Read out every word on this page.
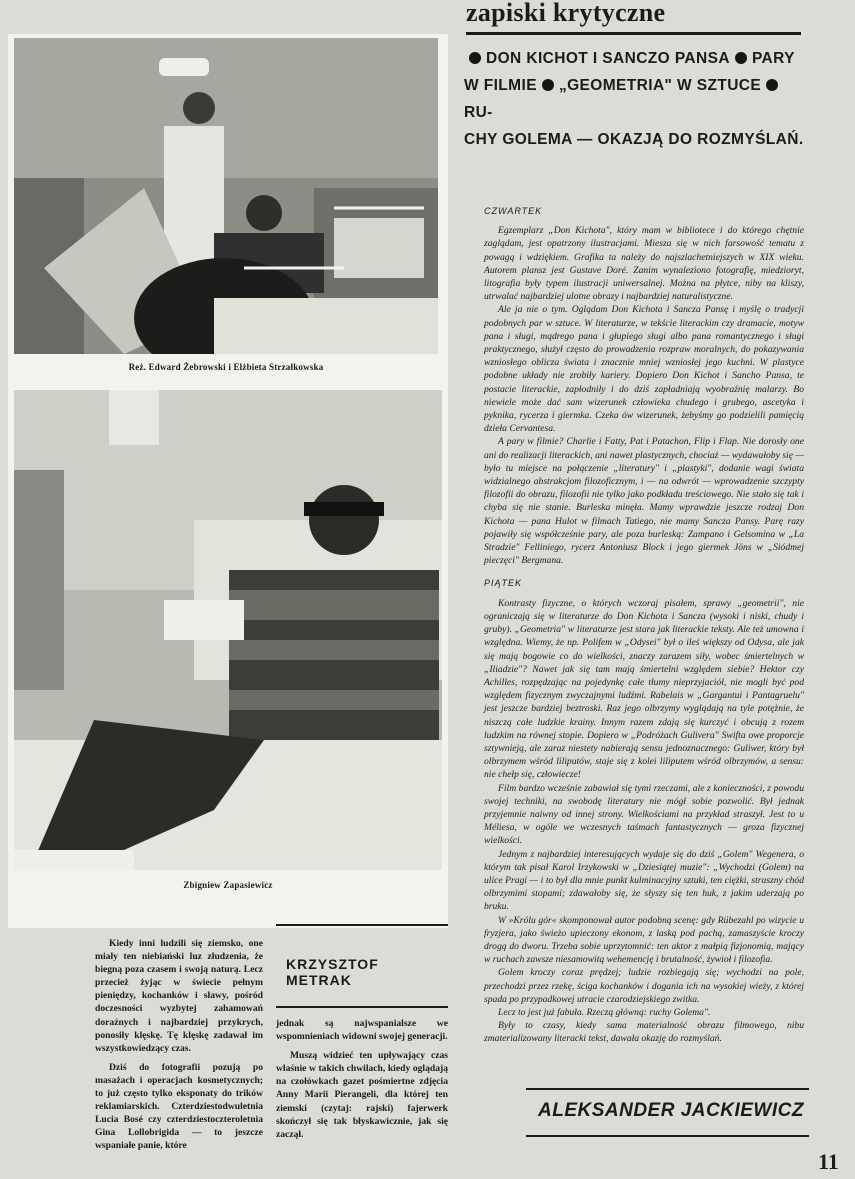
Reż. Edward Żebrowski i Elżbieta Strzałkowska
Zbigniew Zapasiewicz
zapiski krytyczne
DON KICHOT I SANCZO PANSA PARY
W FILMIE „GEOMETRIA" W SZTUCERU-
CHY GOLEMA — OKAZJĄ DO ROZMYŚLAŃ.
CZWARTEK

Egzemplarz „Don Kichota", który mam w bibliotece i do którego chętnie zaglądam, jest opatrzony ilustracjami. Miesza się w nich farsowość tematu z powagą i wdziękiem. Grafika ta należy do najszlachetniejszych w XIX wieku. Autorem plansz jest Gustave Doré. Zanim wynaleziono fotografię, miedzioryt, litografia były typem ilustracji uniwersalnej. Można na płytce, niby na kliszy, utrwalać najbardziej ulotne obrazy i najbardziej naturalistyczne.

Ale ja nie o tym. Oglądam Don Kichota i Sancza Pansę i myślę o tradycji podobnych par w sztuce. W literaturze, w tekście literackim czy dramacie, motyw pana i sługi, mądrego pana i głupiego sługi albo pana romantycznego i sługi praktycznego, służył często do prowadzenia rozpraw moralnych, do pokazywania wzniosłego oblicza świata i znacznie mniej wzniosłej jego kuchni. W plastyce podobne układy nie zrobiły kariery. Dopiero Don Kichot i Sancho Pansa, te postacie literackie, zapłodniły i do dziś zapładniają wyobraźnię malarzy. Bo niewiele może dać sam wizerunek człowieka chudego i grubego, ascetyka i pyknika, rycerza i giermka. Czeka ów wizerunek, żebyśmy go podzielili pamięcią dzieła Cervantesa.

A pary w filmie? Charlie i Fatty, Pat i Patachon, Flip i Flap. Nie dorosły one ani do realizacji literackich, ani nawet plastycznych, chociaż — wydawałoby się — było tu miejsce na połączenie „literatury" i „plastyki", dodanie wagi świata widzialnego abstrakcjom filozoficznym, i — na odwrót — wprowadzenie szczypty filozofii do obrazu, filozofii nie tylko jako podkładu treściowego. Nie stało się tak i chyba się nie stanie. Burleska minęła. Mamy wprawdzie jeszcze rodzaj Don Kichota — pana Hulot w filmach Tatiego, nie mamy Sancza Pansy. Parę razy pojawiły się współcześnie pary, ale poza burleską: Zampano i Gelsomina w „La Stradzie" Felliniego, rycerz Antoniusz Block i jego giermek Jöns w „Siódmej pieczęci" Bergmana.

PIĄTEK

Kontrasty fizyczne, o których wczoraj pisałem, sprawy „geometrii", nie ograniczają się w literaturze do Don Kichota i Sancza (wysoki i niski, chudy i gruby). „Geometria" w literaturze jest stara jak literackie teksty. Ale też umowna i względna. Wiemy, że np. Polifem w „Odysei" był o ileś większy od Odysa, ale jak się mają bogowie co do wielkości, znaczy zarazem siły, wobec śmiertelnych w „Iliadzie"? Nawet jak się tam mają śmiertelni względem siebie? Hektor czy Achilles, rozpędzając na pojedynkę całe tłumy nieprzyjaciół, nie mogli być pod względem fizycznym zwyczajnymi ludźmi. Rabelais w „Gargantui i Pantagruelu" jest jeszcze bardziej beztroski. Raz jego olbrzymy wyglądają na tyle potężnie, że niszczą całe ludzkie krainy. Innym razem zdają się kurczyć i obcują z rozem ludzkim na równej stopie. Dopiero w „Podróżach Gulivera" Swifta owe proporcje sztywnieją, ale zaraz niestety nabierają sensu jednoznacznego: Guliwer, który był olbrzymem wśród liliputów, staje się z kolei liliputem wśród olbrzymów, a sensu: nie chełp się, człowiecze!

Film bardzo wcześnie zabawiał się tymi rzeczami, ale z konieczności, z powodu swojej techniki, na swobodę literatury nie mógł sobie pozwolić. Był jednak przyjemnie naiwny od innej strony. Wielkościami na przykład straszył. Jest to u Méliesa, w ogóle we wczesnych taśmach fantastycznych — groza fizycznej wielkości.

Jednym z najbardziej interesujących wydaje się do dziś „Golem" Wegenera, o którym tak pisał Karol Irzykowski w „Dziesiątej muzie": „Wychodzi (Golem) na ulice Pragi — i to był dla mnie punkt kulminacyjny sztuki, ten ciężki, straszny chód olbrzymimi stopami; zdawałoby się, że słyszy się ten huk, z jakim uderzają po bruku.

W »Królu gór« skomponował autor podobną scenę: gdy Rübezahl po wizycie u fryzjera, jako świeżo upieczony ekonom, z laską pod pachą, zamaszyście kroczy drogą do dworu. Trzeba sobie uprzytomnić: ten aktor z małpią fizjonomią, mający w ruchach zawsze niesamowitą wehemencję i brutalność, żywioł i filozofia.

Golem kroczy coraz prędzej; ludzie rozbiegają się; wychodzi na pole, przechodzi przez rzekę, ściga kochanków i dogania ich na wysokiej wieży, z której spada po przypadkowej utracie czarodziejskiego zwitka.

Lecz to jest już fabuła. Rzeczą główną: ruchy Golema".

Były to czasy, kiedy sama materialność obrazu filmowego, nibu zmaterializowany literacki tekst, dawała okazję do rozmyślań.

ALEKSANDER JACKIEWICZ

Kiedy inni ludzili się ziemsko, one miały ten niebiański luz złudzenia, że biegną poza czasem i swoją naturą. Lecz przecież żyjąc w świecie pełnym pieniędzy, kochanków i sławy, pośród doczesności wyzbytej zahamowań doraźnych i najbardziej przykrych, ponosiły klęskę. Tę klęskę zadawał im wszystkowiedzący czas.

Dziś do fotografii pozują po masażach i operacjach kosmetycznych; to już często tylko eksponaty do trików reklamiarskich. Czterdziestodwuletnia Lucia Bosé czy czterdziestoczteroletnia Gina Lollobrigida — to jeszcze wspaniałe panie, które

KRZYSZTOF METRAK

jednak są najwspanialsze we wspomnieniach widowni swojej generacji.

Muszą widzieć ten upływający czas właśnie w takich chwilach, kiedy oglądają na czołówkach gazet pośmiertne zdjęcia Anny Marii Pierangeli, dla której ten ziemski (czytaj: rajski) fajerwerk skończył się tak błyskawicznie, jak się zaczął.

11
